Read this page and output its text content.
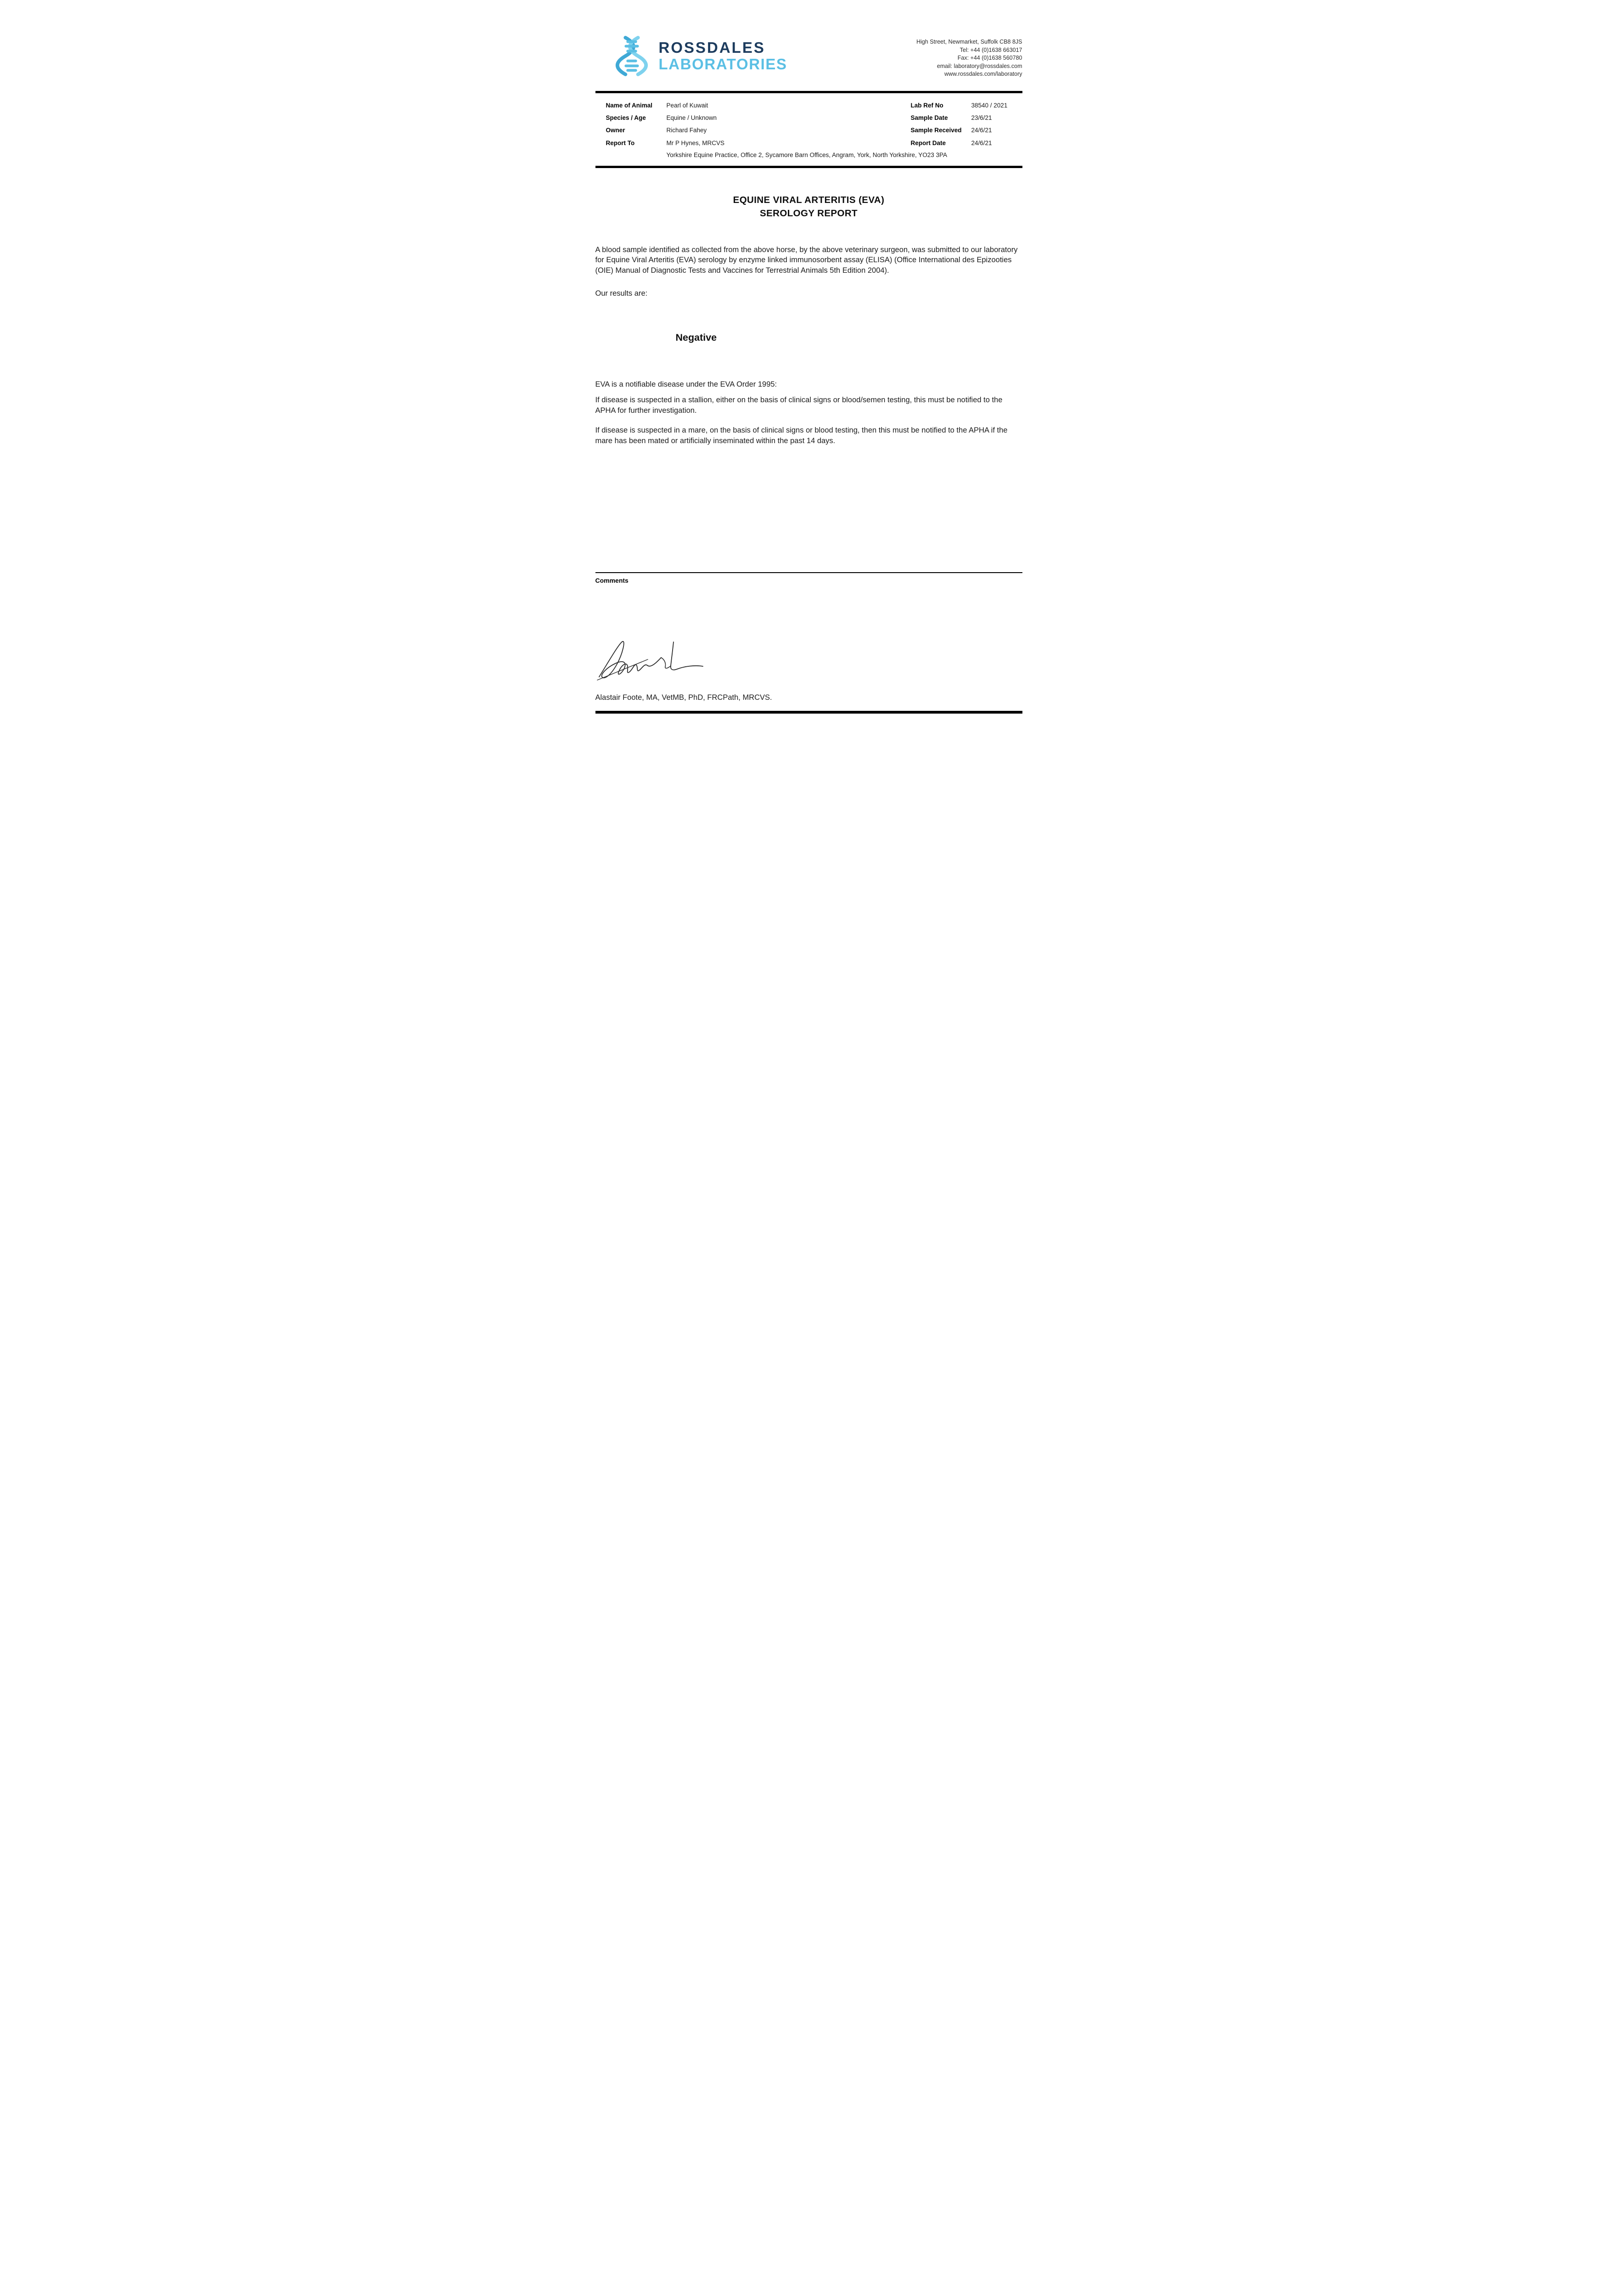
ROSSDALES
LABORATORIES
High Street, Newmarket, Suffolk CB8 8JS
Tel: +44 (0)1638 663017
Fax: +44 (0)1638 560780
email: laboratory@rossdales.com
www.rossdales.com/laboratory
Name of Animal	Pearl of Kuwait	Lab Ref No	38540 / 2021
Species / Age	Equine / Unknown	Sample Date	23/6/21
Owner	Richard Fahey	Sample Received	24/6/21
Report To	Mr P Hynes, MRCVS	Report Date	24/6/21
Yorkshire Equine Practice, Office 2, Sycamore Barn Offices, Angram, York, North Yorkshire, YO23 3PA
EQUINE VIRAL ARTERITIS (EVA)
SEROLOGY REPORT

A blood sample identified as collected from the above horse, by the above veterinary surgeon, was submitted to our laboratory for Equine Viral Arteritis (EVA) serology by enzyme linked immunosorbent assay (ELISA) (Office International des Epizooties (OIE) Manual of Diagnostic Tests and Vaccines for Terrestrial Animals 5th Edition 2004).

Our results are:

Negative

EVA is a notifiable disease under the EVA Order 1995:

If disease is suspected in a stallion, either on the basis of clinical signs or blood/semen testing, this must be notified to the APHA for further investigation.

If disease is suspected in a mare, on the basis of clinical signs or blood testing, then this must be notified to the APHA if the mare has been mated or artificially inseminated within the past 14 days.

Comments
Alastair Foote, MA, VetMB, PhD, FRCPath, MRCVS.
